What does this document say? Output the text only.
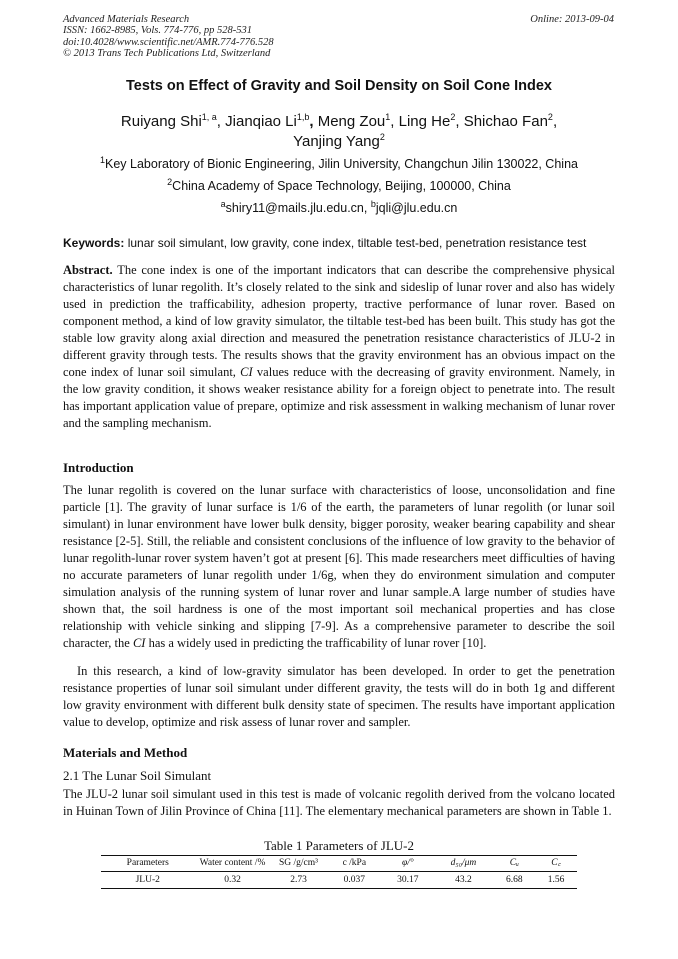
Advanced Materials Research
ISSN: 1662-8985, Vols. 774-776, pp 528-531
doi:10.4028/www.scientific.net/AMR.774-776.528
© 2013 Trans Tech Publications Ltd, Switzerland
Online: 2013-09-04
Tests on Effect of Gravity and Soil Density on Soil Cone Index
Ruiyang Shi$^{1, a}$, Jianqiao Li$^{1,b}$, Meng Zou$^1$, Ling He$^2$, Shichao Fan$^2$,
Yanjing Yang$^2$
$^1$Key Laboratory of Bionic Engineering, Jilin University, Changchun Jilin 130022, China
$^2$China Academy of Space Technology, Beijing, 100000, China
$^a$shiry11@mails.jlu.edu.cn, $^b$jqli@jlu.edu.cn
Keywords: lunar soil simulant, low gravity, cone index, tiltable test-bed, penetration resistance test
Abstract. The cone index is one of the important indicators that can describe the comprehensive physical characteristics of lunar regolith. It’s closely related to the sink and sideslip of lunar rover and also has widely used in prediction the trafficability, adhesion property, tractive performance of lunar rover. Based on component method, a kind of low gravity simulator, the tiltable test-bed has been built. This study has got the stable low gravity along axial direction and measured the penetration resistance characteristics of JLU-2 in different gravity through tests. The results shows that the gravity environment has an obvious impact on the cone index of lunar soil simulant, CI values reduce with the decreasing of gravity environment. Namely, in the low gravity condition, it shows weaker resistance ability for a foreign object to penetrate into. The result has important application value of prepare, optimize and risk assessment in walking mechanism of lunar rover and the sampling mechanism.
Introduction
The lunar regolith is covered on the lunar surface with characteristics of loose, unconsolidation and fine particle [1]. The gravity of lunar surface is 1/6 of the earth, the parameters of lunar regolith (or lunar soil simulant) in lunar environment have lower bulk density, bigger porosity, weaker bearing capability and shear resistance [2-5]. Still, the reliable and consistent conclusions of the influence of low gravity to the behavior of lunar regolith-lunar rover system haven’t got at present [6]. This made researchers meet difficulties of having no accurate parameters of lunar regolith under 1/6g, when they do environment simulation and computer simulation analysis of the running system of lunar rover and lunar sample.A large number of studies have shown that, the soil hardness is one of the most important soil mechanical properties and has close relationship with vehicle sinking and slipping [7-9]. As a comprehensive parameter to describe the soil character, the CI has a widely used in predicting the trafficability of lunar rover [10].
In this research, a kind of low-gravity simulator has been developed. In order to get the penetration resistance properties of lunar soil simulant under different gravity, the tests will do in both 1g and different low gravity environment with different bulk density state of specimen. The results have important application value to develop, optimize and risk assess of lunar rover and sampler.
Materials and Method
2.1 The Lunar Soil Simulant
The JLU-2 lunar soil simulant used in this test is made of volcanic regolith derived from the volcano located in Huinan Town of Jilin Province of China [11]. The elementary mechanical parameters are shown in Table 1.
Table 1 Parameters of JLU-2
Parameters	Water content /%	SG /g/cm³	c /kPa	φ/°	d₅₀/μm	Cᵤ	C꜀
JLU-2	0.32	2.73	0.037	30.17	43.2	6.68	1.56
